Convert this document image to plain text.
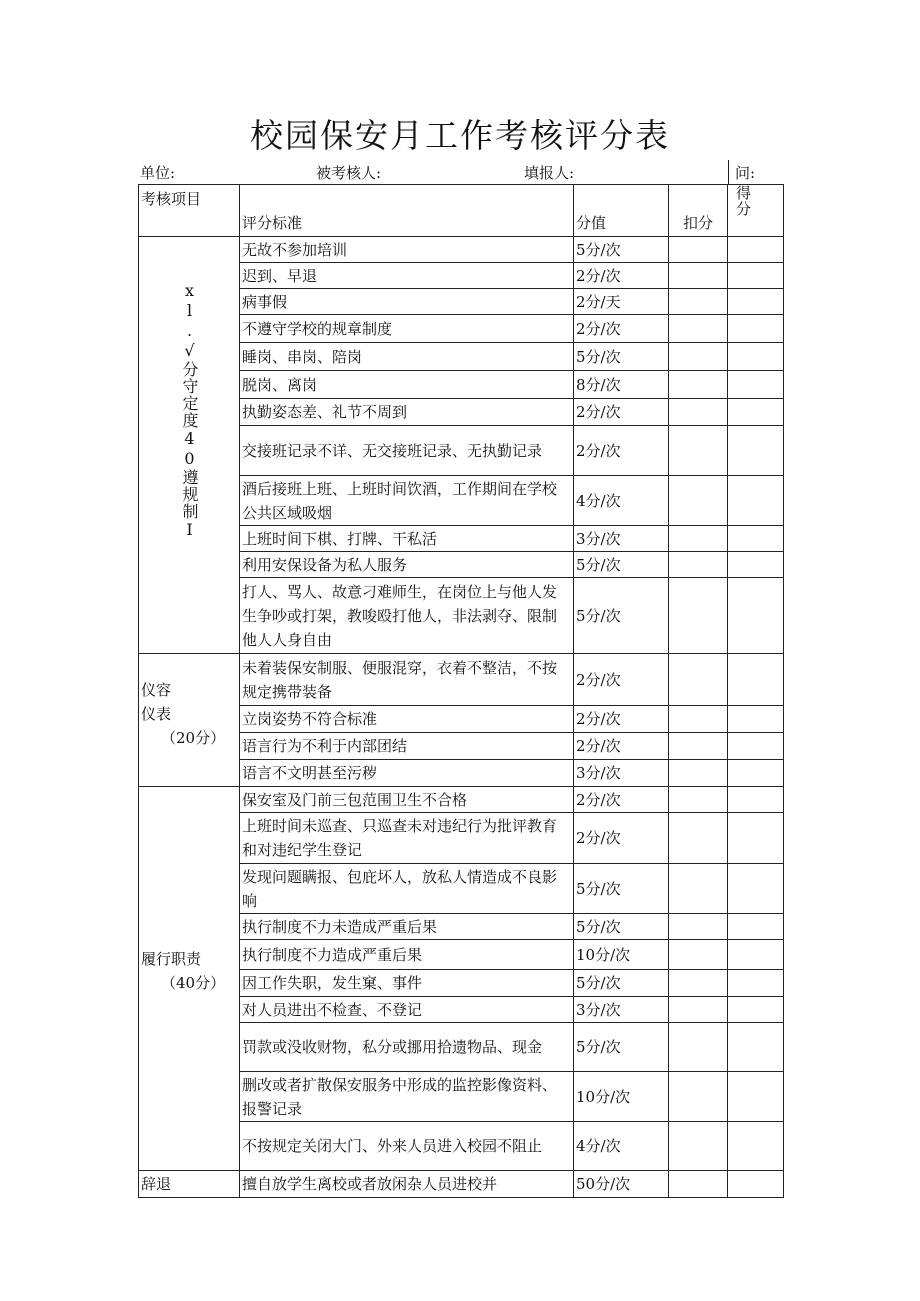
校园保安月工作考核评分表
单位:	被考核人:	填报人:	问:
考核项目	评分标准	分值	扣分	得分

xl.√分守定度40遵规制I	无故不参加培训	5分/次		
	迟到、早退	2分/次		
	病事假	2分/天		
	不遵守学校的规章制度	2分/次		
	睡岗、串岗、陪岗	5分/次		
	脱岗、离岗	8分/次		
	执勤姿态差、礼节不周到	2分/次		
	交接班记录不详、无交接班记录、无执勤记录	2分/次		
	酒后接班上班、上班时间饮酒，工作期间在学校公共区域吸烟	4分/次		
	上班时间下棋、打牌、干私活	3分/次		
	利用安保设备为私人服务	5分/次		
	打人、骂人、故意刁难师生，在岗位上与他人发生争吵或打架，教唆殴打他人，非法剥夺、限制他人人身自由	5分/次		

仪容
仪表
（20分）	未着装保安制服、便服混穿，衣着不整洁，不按规定携带装备	2分/次		
	立岗姿势不符合标准	2分/次		
	语言行为不利于内部团结	2分/次		
	语言不文明甚至污秽	3分/次		

履行职责
（40分）	保安室及门前三包范围卫生不合格	2分/次		
	上班时间未巡查、只巡查未对违纪行为批评教育和对违纪学生登记	2分/次		
	发现问题瞒报、包庇坏人，放私人情造成不良影响	5分/次		
	执行制度不力未造成严重后果	5分/次		
	执行制度不力造成严重后果	10分/次		
	因工作失职，发生窠、事件	5分/次		
	对人员进出不检查、不登记	3分/次		
	罚款或没收财物，私分或挪用拾遗物品、现金	5分/次		
	删改或者扩散保安服务中形成的监控影像资料、报警记录	10分/次		
	不按规定关闭大门、外来人员进入校园不阻止	4分/次		
辞退	擅自放学生离校或者放闲杂人员进校并	50分/次		
